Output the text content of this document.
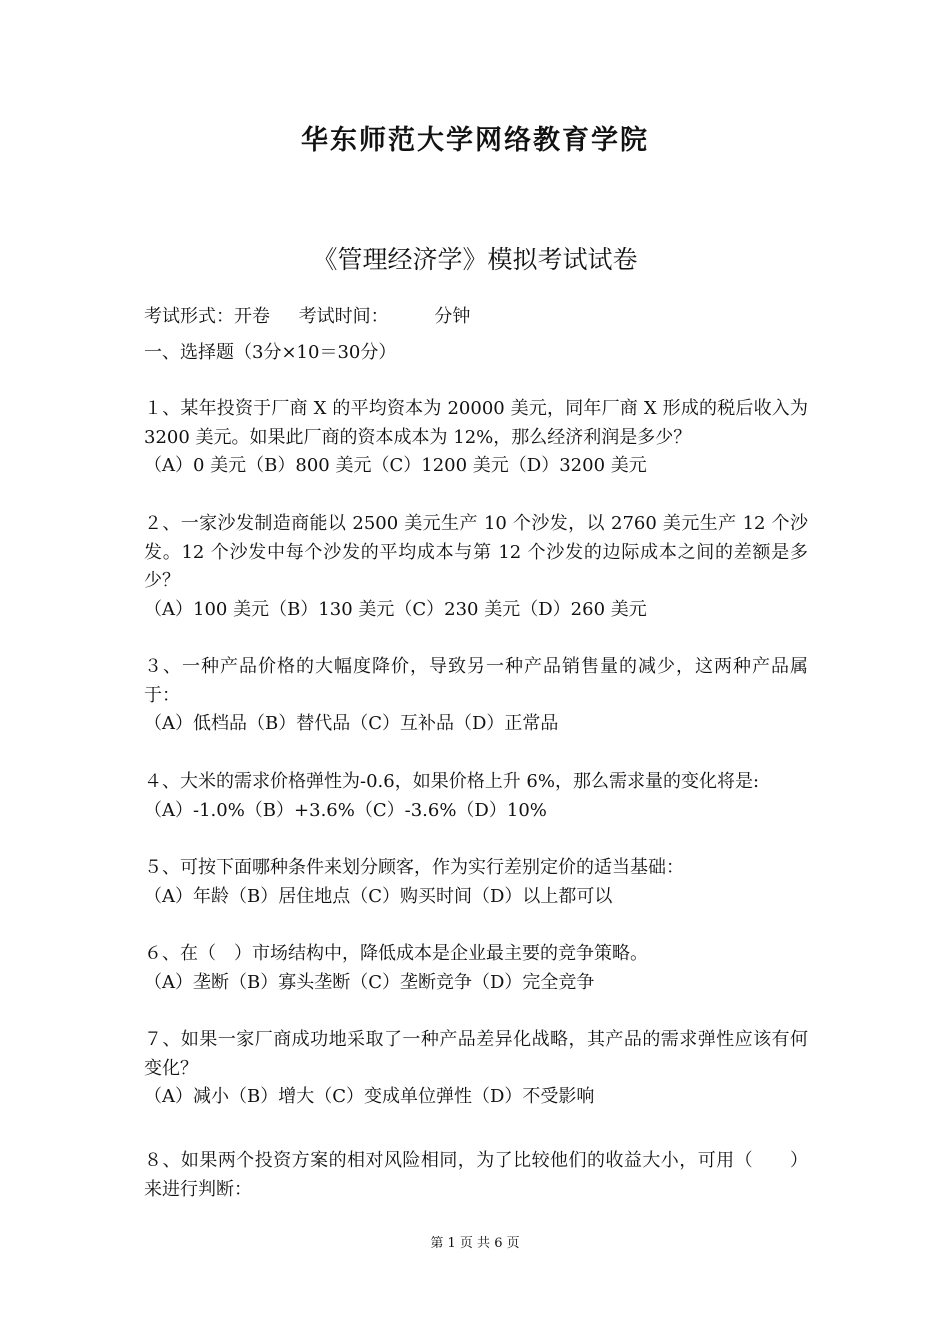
华东师范大学网络教育学院
《管理经济学》模拟考试试卷
考试形式：开卷 考试时间：	分钟
一、选择题（3分×10＝30分）

１、某年投资于厂商 X 的平均资本为 20000 美元，同年厂商 X 形成的税后收入为 3200 美元。如果此厂商的资本成本为 12%，那么经济利润是多少？

（A）0 美元（B）800 美元（C）1200 美元（D）3200 美元

２、一家沙发制造商能以 2500 美元生产 10 个沙发，以 2760 美元生产 12 个沙发。12 个沙发中每个沙发的平均成本与第 12 个沙发的边际成本之间的差额是多少？

（A）100 美元（B）130 美元（C）230 美元（D）260 美元

３、一种产品价格的大幅度降价，导致另一种产品销售量的减少，这两种产品属于：

（A）低档品（B）替代品（C）互补品（D）正常品

４、大米的需求价格弹性为-0.6，如果价格上升 6%，那么需求量的变化将是:

（A）-1.0%（B）+3.6%（C）-3.6%（D）10%

５、可按下面哪种条件来划分顾客，作为实行差别定价的适当基础：

（A）年龄（B）居住地点（C）购买时间（D）以上都可以

６、在（　）市场结构中，降低成本是企业最主要的竞争策略。

（A）垄断（B）寡头垄断（C）垄断竞争（D）完全竞争

７、如果一家厂商成功地采取了一种产品差异化战略，其产品的需求弹性应该有何变化？

（A）减小（B）增大（C）变成单位弹性（D）不受影响

８、如果两个投资方案的相对风险相同，为了比较他们的收益大小，可用（　　）来进行判断：

第 1 页 共 6 页
